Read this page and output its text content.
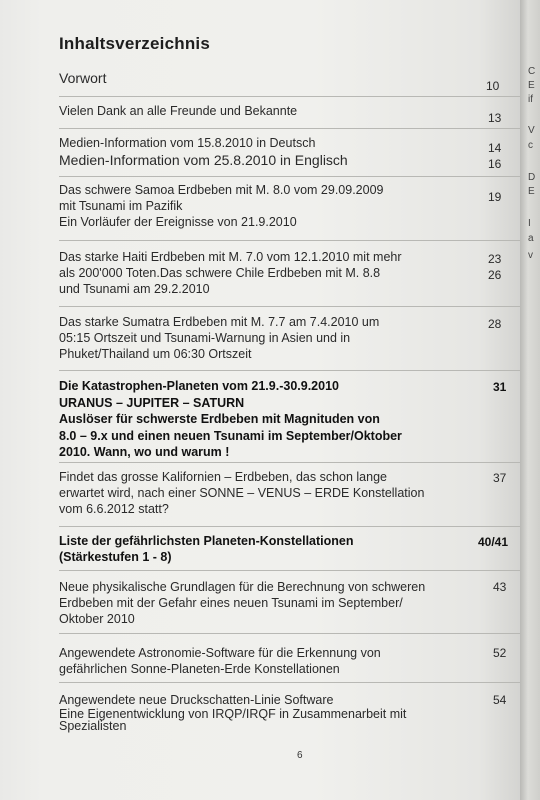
Inhaltsverzeichnis
Vorwort	10
Vielen Dank an alle Freunde und Bekannte	13
Medien-Information vom 15.8.2010 in Deutsch
Medien-Information vom 25.8.2010 in Englisch
14
16
Das schwere Samoa Erdbeben mit M. 8.0 vom 29.09.2009
mit Tsunami im Pazifik
Ein Vorläufer der Ereignisse von 21.9.2010
19
Das starke Haiti Erdbeben mit M. 7.0 vom 12.1.2010 mit mehr
als 200'000 Toten.Das schwere Chile Erdbeben mit M. 8.8
und Tsunami am 29.2.2010
23
26
Das starke Sumatra Erdbeben mit M. 7.7 am 7.4.2010 um
05:15 Ortszeit und Tsunami-Warnung in Asien und in
Phuket/Thailand um 06:30 Ortszeit
28
Die Katastrophen-Planeten vom 21.9.-30.9.2010
URANUS – JUPITER – SATURN
Auslöser für schwerste Erdbeben mit Magnituden von
8.0 – 9.x und einen neuen Tsunami im September/Oktober
2010. Wann, wo und warum !
31
Findet das grosse Kalifornien – Erdbeben, das schon lange
erwartet wird, nach einer SONNE – VENUS – ERDE Konstellation
vom 6.6.2012 statt?
37
Liste der gefährlichsten Planeten-Konstellationen
(Stärkestufen 1 - 8)
40/41
Neue physikalische Grundlagen für die Berechnung von schweren
Erdbeben mit der Gefahr eines neuen Tsunami im September/
Oktober 2010
43
Angewendete Astronomie-Software für die Erkennung von
gefährlichen Sonne-Planeten-Erde Konstellationen
52
Angewendete neue Druckschatten-Linie Software
Eine Eigenentwicklung von IRQP/IRQF in Zusammenarbeit mit
Spezialisten
54
6
C
E
if
V
c
D
E
I
a
v
